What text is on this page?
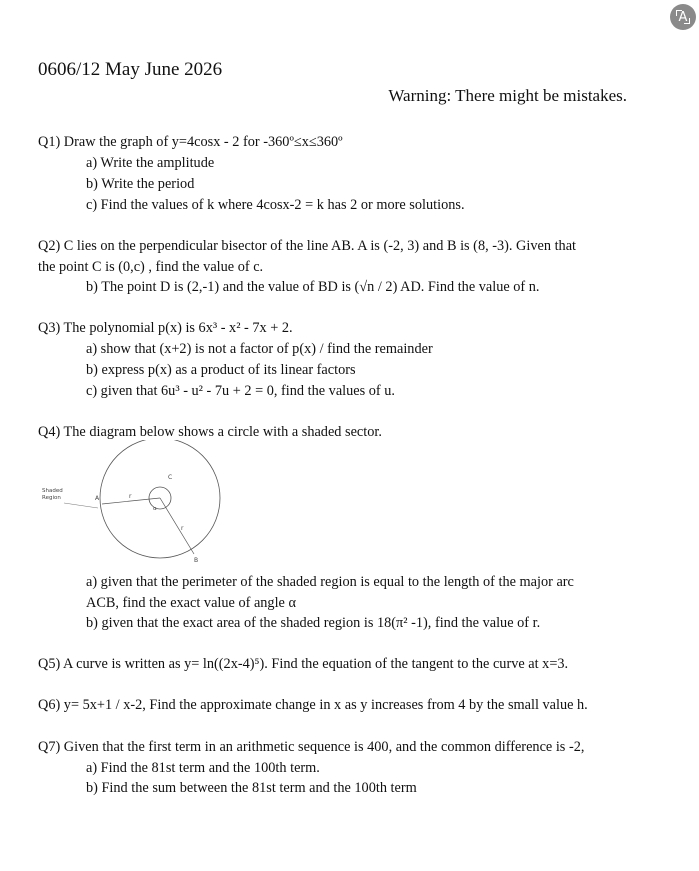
A
0606/12 May June 2026
Warning: There might be mistakes.
Q1) Draw the graph of y=4cosx - 2 for -360º≤x≤360º
a) Write the amplitude
b) Write the period
c) Find the values of k where 4cosx-2 = k has 2 or more solutions.
Q2) C lies on the perpendicular bisector of the line AB. A is (-2, 3) and B is (8, -3). Given that
the point C is (0,c) , find the value of c.
b) The point D is (2,-1) and the value of BD is (√n / 2) AD. Find the value of n.
Q3) The polynomial p(x) is 6x³ - x² - 7x + 2.
a) show that (x+2) is not a factor of p(x) / find the remainder
b) express p(x) as a product of its linear factors
c) given that 6u³ - u² - 7u + 2 = 0, find the values of u.
Q4) The diagram below shows a circle with a shaded sector.
Shaded
Region	A
C
B
r
r
α
a) given that the perimeter of the shaded region is equal to the length of the major arc
ACB, find the exact value of angle α
b) given that the exact area of the shaded region is 18(π² -1), find the value of r.
Q5) A curve is written as y= ln((2x-4)⁵). Find the equation of the tangent to the curve at x=3.
Q6) y= 5x+1 / x-2, Find the approximate change in x as y increases from 4 by the small value h.
Q7) Given that the first term in an arithmetic sequence is 400, and the common difference is -2,
a) Find the 81st term and the 100th term.
b) Find the sum between the 81st term and the 100th term
